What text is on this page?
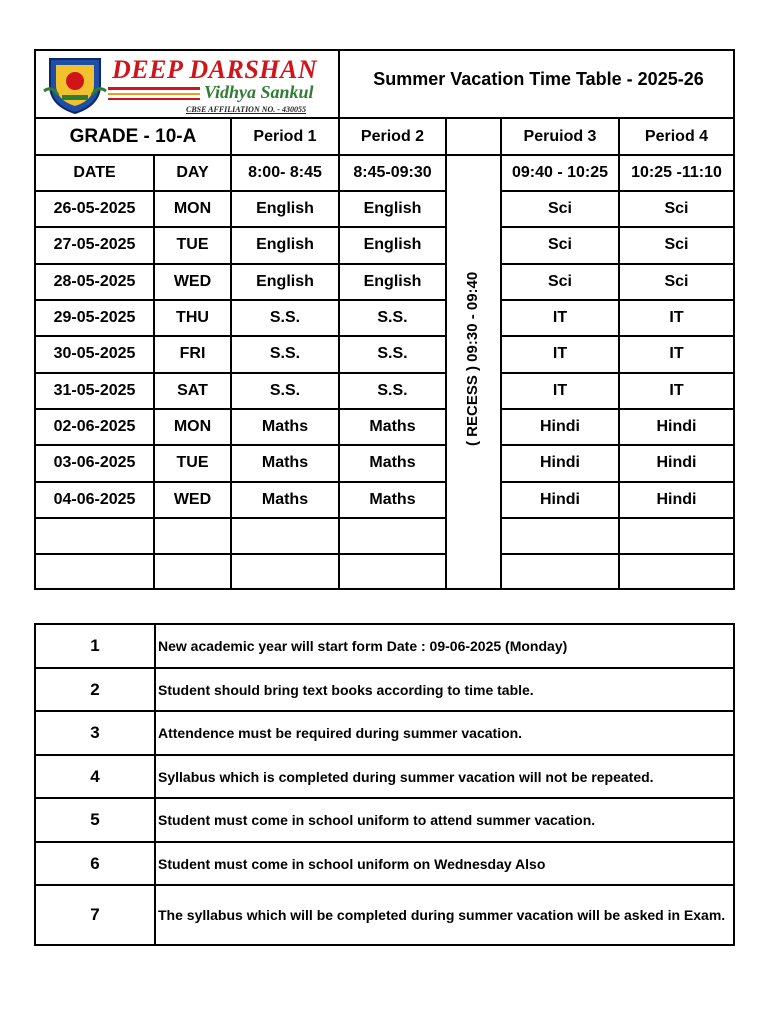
DEEP DARSHAN
Vidhya Sankul
CBSE AFFILIATION NO. - 430055
Summer Vacation Time Table - 2025-26
GRADE - 10-A	Period 1	Period 2	Peruiod 3	Period 4
DATE	DAY	8:00- 8:45	8:45-09:30	09:40 - 10:25	10:25 -11:10
( RECESS ) 09:30 - 09:40
26-05-2025	MON	English	English	Sci	Sci
27-05-2025	TUE	English	English	Sci	Sci
28-05-2025	WED	English	English	Sci	Sci
29-05-2025	THU	S.S.	S.S.	IT	IT
30-05-2025	FRI	S.S.	S.S.	IT	IT
31-05-2025	SAT	S.S.	S.S.	IT	IT
02-06-2025	MON	Maths	Maths	Hindi	Hindi
03-06-2025	TUE	Maths	Maths	Hindi	Hindi
04-06-2025	WED	Maths	Maths	Hindi	Hindi
1	New academic year will start form Date : 09-06-2025 (Monday)
2	Student should bring text books according to time table.
3	Attendence must be required during summer vacation.
4	Syllabus which is completed during summer vacation will not be repeated.
5	Student must come in school uniform to attend summer vacation.
6	Student must come in school uniform on Wednesday Also
7	The syllabus which will be completed during summer vacation will be asked in Exam.
